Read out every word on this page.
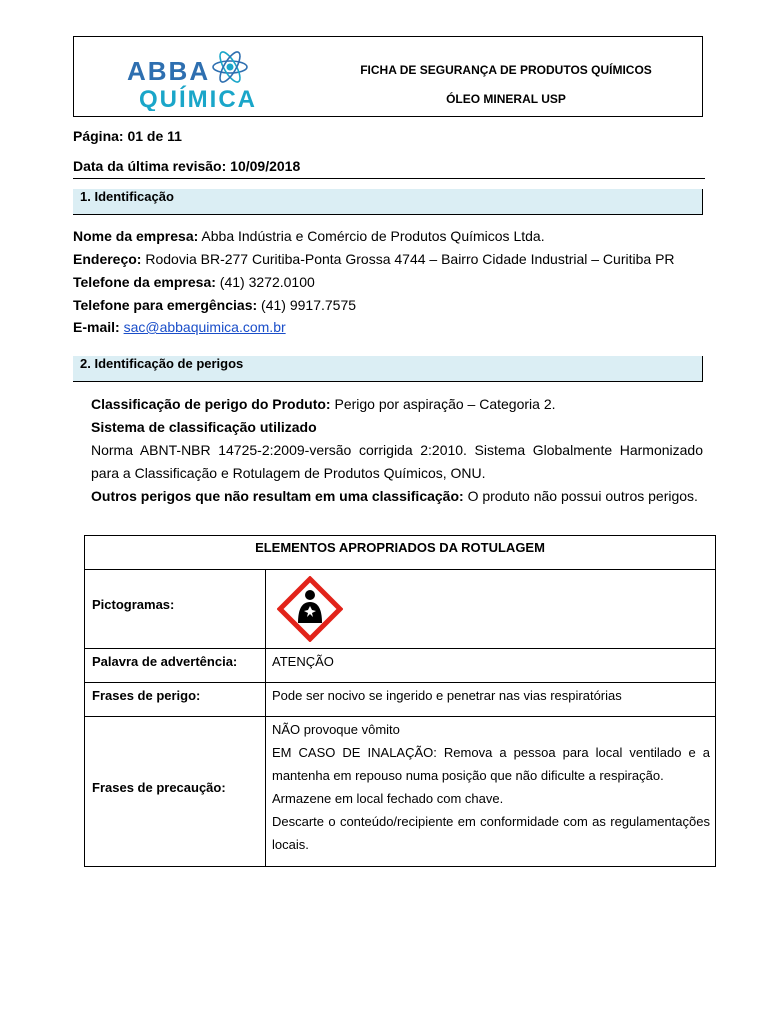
ABBA
QUÍMICA
FICHA DE SEGURANÇA DE PRODUTOS QUÍMICOS
ÓLEO MINERAL USP
Página: 01 de 11
Data da última revisão: 10/09/2018
1. Identificação
Nome da empresa: Abba Indústria e Comércio de Produtos Químicos Ltda.
Endereço: Rodovia BR-277 Curitiba-Ponta Grossa 4744 – Bairro Cidade Industrial – Curitiba PR
Telefone da empresa: (41) 3272.0100
Telefone para emergências: (41) 9917.7575
E-mail: sac@abbaquimica.com.br
2. Identificação de perigos
Classificação de perigo do Produto: Perigo por aspiração – Categoria 2.
Sistema de classificação utilizado
Norma ABNT-NBR 14725-2:2009-versão corrigida 2:2010. Sistema Globalmente Harmonizado para a Classificação e Rotulagem de Produtos Químicos, ONU.
Outros perigos que não resultam em uma classificação: O produto não possui outros perigos.
ELEMENTOS APROPRIADOS DA ROTULAGEM
Pictogramas:
Palavra de advertência:	ATENÇÃO
Frases de perigo:	Pode ser nocivo se ingerido e penetrar nas vias respiratórias
Frases de precaução:

NÃO provoque vômito

EM CASO DE INALAÇÃO: Remova a pessoa para local ventilado e a mantenha em repouso numa posição que não dificulte a respiração.

Armazene em local fechado com chave.

Descarte o conteúdo/recipiente em conformidade com as regulamentações locais.
